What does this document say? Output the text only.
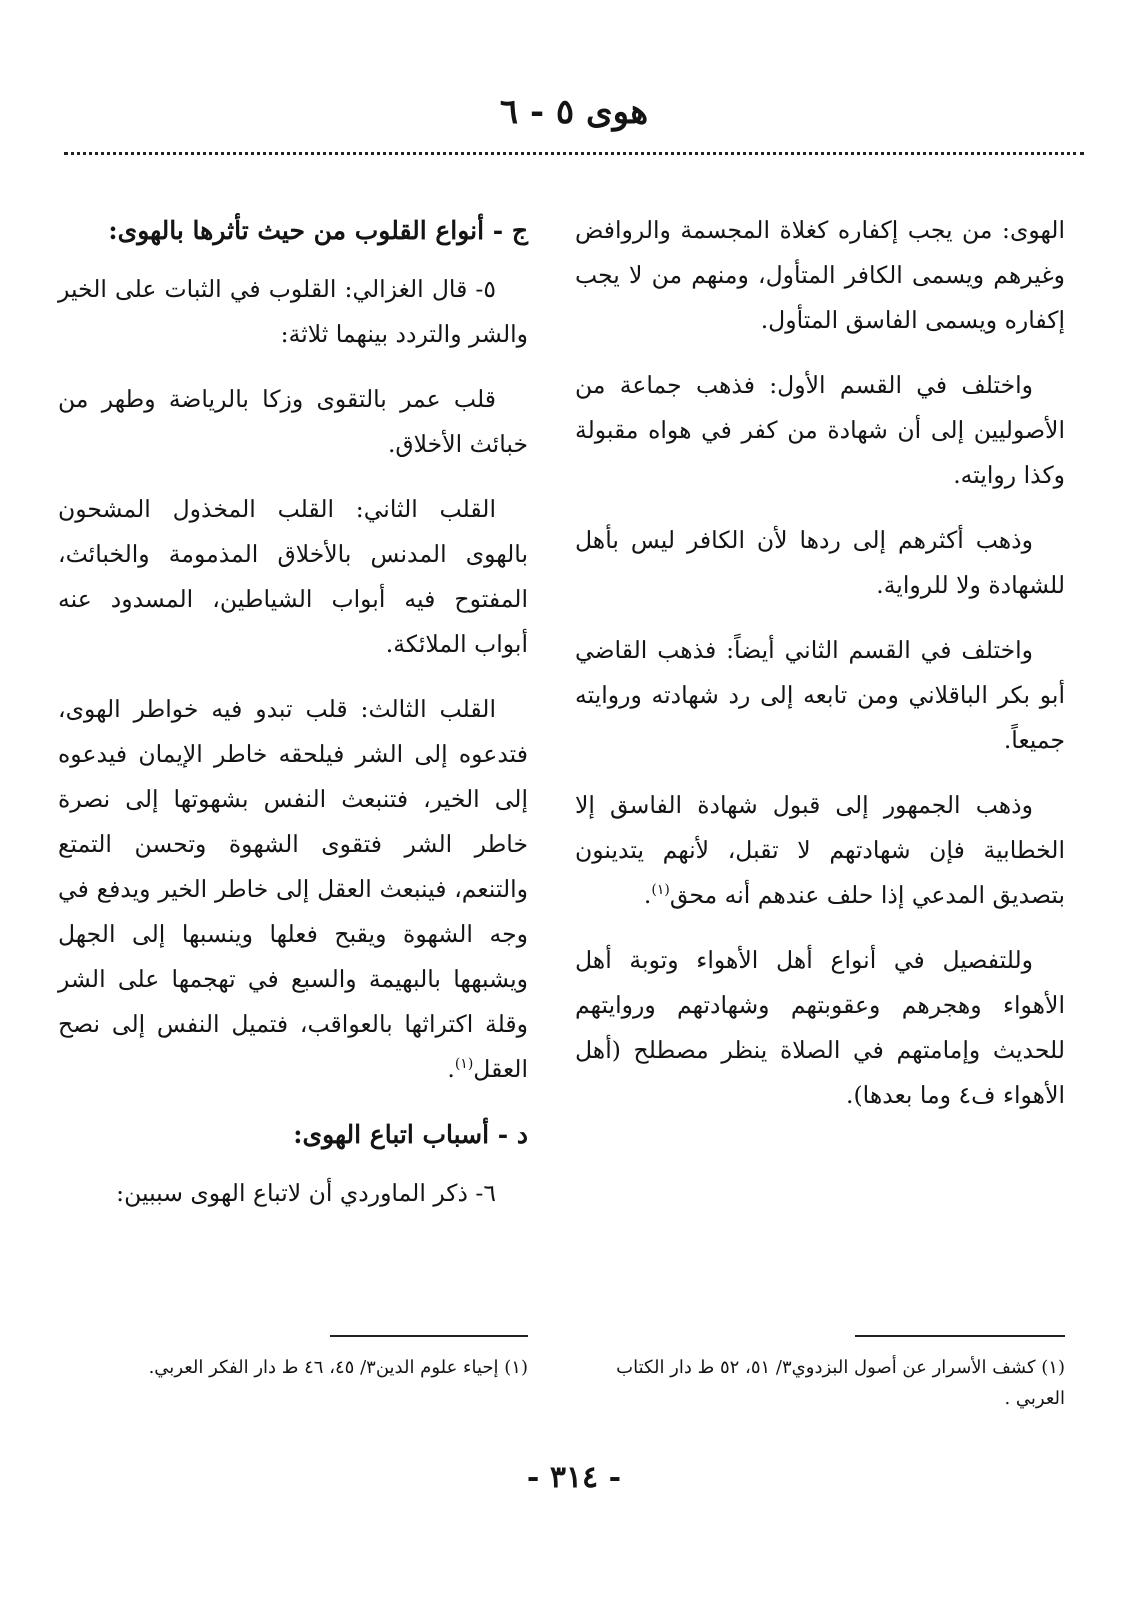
هوى ٥ - ٦

الهوى: من يجب إكفاره كغلاة المجسمة والروافض وغيرهم ويسمى الكافر المتأول، ومنهم من لا يجب إكفاره ويسمى الفاسق المتأول.

واختلف في القسم الأول: فذهب جماعة من الأصوليين إلى أن شهادة من كفر في هواه مقبولة وكذا روايته.

وذهب أكثرهم إلى ردها لأن الكافر ليس بأهل للشهادة ولا للرواية.

واختلف في القسم الثاني أيضاً: فذهب القاضي أبو بكر الباقلاني ومن تابعه إلى رد شهادته وروايته جميعاً.

وذهب الجمهور إلى قبول شهادة الفاسق إلا الخطابية فإن شهادتهم لا تقبل، لأنهم يتدينون بتصديق المدعي إذا حلف عندهم أنه محق$^{(١)}$.

وللتفصيل في أنواع أهل الأهواء وتوبة أهل الأهواء وهجرهم وعقوبتهم وشهادتهم وروايتهم للحديث وإمامتهم في الصلاة ينظر مصطلح (أهل الأهواء ف٤ وما بعدها).

ج - أنواع القلوب من حيث تأثرها بالهوى:

٥- قال الغزالي: القلوب في الثبات على الخير والشر والتردد بينهما ثلاثة:

قلب عمر بالتقوى وزكا بالرياضة وطهر من خبائث الأخلاق.

القلب الثاني: القلب المخذول المشحون بالهوى المدنس بالأخلاق المذمومة والخبائث، المفتوح فيه أبواب الشياطين، المسدود عنه أبواب الملائكة.

القلب الثالث: قلب تبدو فيه خواطر الهوى، فتدعوه إلى الشر فيلحقه خاطر الإيمان فيدعوه إلى الخير، فتنبعث النفس بشهوتها إلى نصرة خاطر الشر فتقوى الشهوة وتحسن التمتع والتنعم، فينبعث العقل إلى خاطر الخير ويدفع في وجه الشهوة ويقبح فعلها وينسبها إلى الجهل ويشبهها بالبهيمة والسبع في تهجمها على الشر وقلة اكتراثها بالعواقب، فتميل النفس إلى نصح العقل$^{(١)}$.

د - أسباب اتباع الهوى:

٦- ذكر الماوردي أن لاتباع الهوى سببين:

(١) كشف الأسرار عن أصول البزدوي٣/ ٥١، ٥٢ ط دار الكتاب العربي .
(١) إحياء علوم الدين٣/ ٤٥، ٤٦ ط دار الفكر العربي.
- ٣١٤ -
